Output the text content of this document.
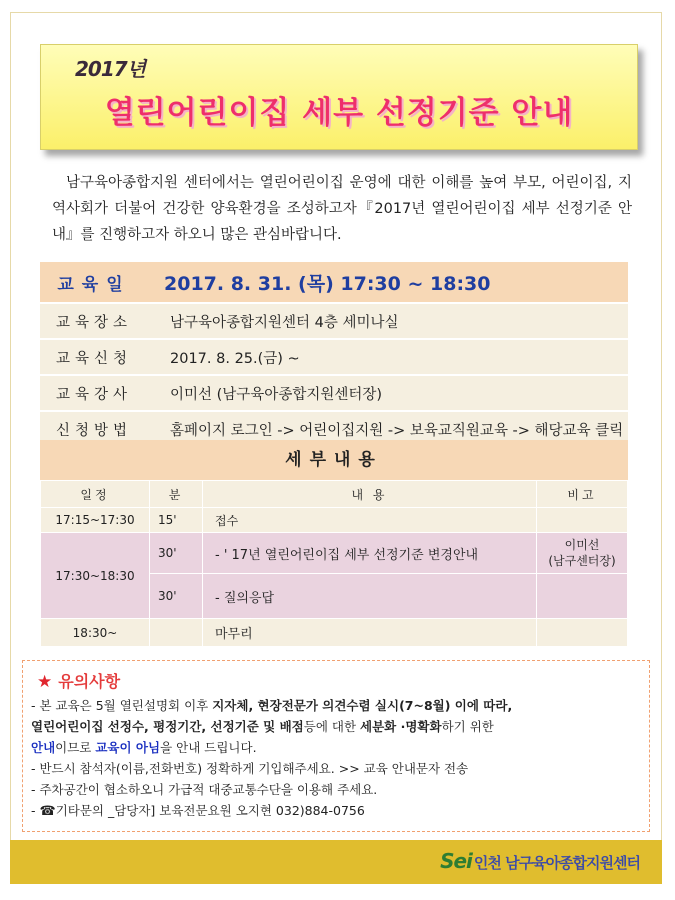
2017년
열린어린이집 세부 선정기준 안내
남구육아종합지원 센터에서는 열린어린이집 운영에 대한 이해를 높여 부모, 어린이집, 지역사회가 더불어 건강한 양육환경을 조성하고자『2017년 열린어린이집 세부 선정기준 안내』를 진행하고자 하오니 많은 관심바랍니다.
교육일	2017. 8. 31. (목) 17:30 ~ 18:30
교육장소	남구육아종합지원센터 4층 세미나실
교육신청	2017. 8. 25.(금) ~
교육강사	이미선 (남구육아종합지원센터장)
신청방법	홈페이지 로그인 -> 어린이집지원 -> 보육교직원교육 -> 해당교육 클릭
세부내용
일정	분	내 용	비고
17:15~17:30	15'	접수	
17:30~18:30	30'	- ' 17년 열린어린이집 세부 선정기준 변경안내	이미선
(남구센터장)

	30'	- 질의응답	
18:30~		마무리	
★ 유의사항
- 본 교육은 5월 열린설명회 이후 지자체, 현장전문가 의견수렴 실시(7~8월) 이에 따라,
열린어린이집 선정수, 평정기간, 선정기준 및 배점등에 대한 세분화 ·명확화하기 위한
안내이므로 교육이 아님을 안내 드립니다.
- 반드시 참석자(이름,전화번호) 정확하게 기입해주세요. >> 교육 안내문자 전송
- 주차공간이 협소하오니 가급적 대중교통수단을 이용해 주세요.
- ☎기타문의 _담당자] 보육전문요원 오지현 032)884-0756
Sei 인천 남구육아종합지원센터
